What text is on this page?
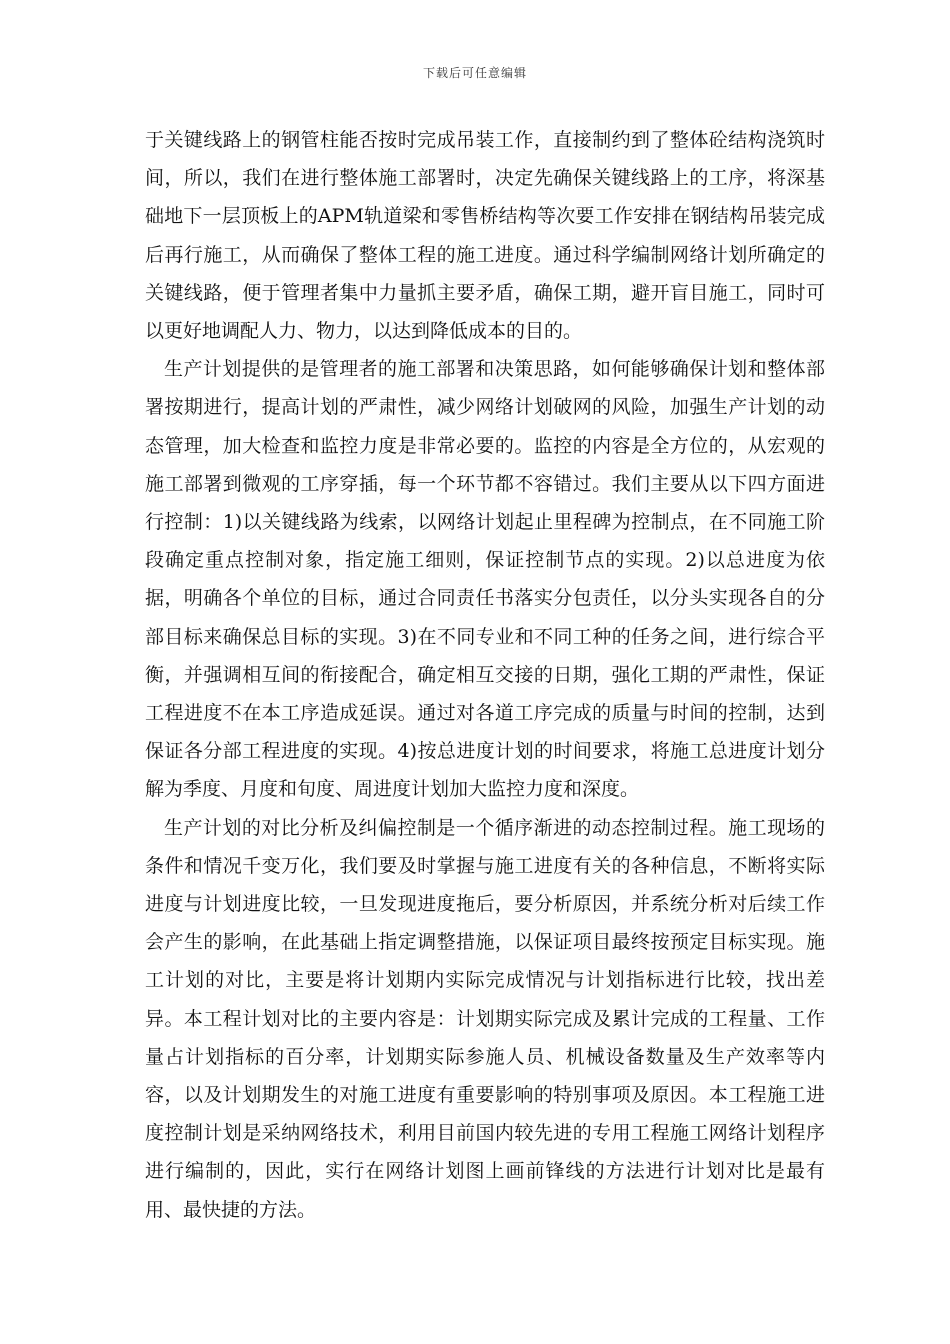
下载后可任意编辑

于关键线路上的钢管柱能否按时完成吊装工作，直接制约到了整体砼结构浇筑时间，所以，我们在进行整体施工部署时，决定先确保关键线路上的工序，将深基础地下一层顶板上的APM轨道梁和零售桥结构等次要工作安排在钢结构吊装完成后再行施工，从而确保了整体工程的施工进度。通过科学编制网络计划所确定的关键线路，便于管理者集中力量抓主要矛盾，确保工期，避开盲目施工，同时可以更好地调配人力、物力，以达到降低成本的目的。

生产计划提供的是管理者的施工部署和决策思路，如何能够确保计划和整体部署按期进行，提高计划的严肃性，减少网络计划破网的风险，加强生产计划的动态管理，加大检查和监控力度是非常必要的。监控的内容是全方位的，从宏观的施工部署到微观的工序穿插，每一个环节都不容错过。我们主要从以下四方面进行控制：1)以关键线路为线索，以网络计划起止里程碑为控制点，在不同施工阶段确定重点控制对象，指定施工细则，保证控制节点的实现。2)以总进度为依据，明确各个单位的目标，通过合同责任书落实分包责任，以分头实现各自的分部目标来确保总目标的实现。3)在不同专业和不同工种的任务之间，进行综合平衡，并强调相互间的衔接配合，确定相互交接的日期，强化工期的严肃性，保证工程进度不在本工序造成延误。通过对各道工序完成的质量与时间的控制，达到保证各分部工程进度的实现。4)按总进度计划的时间要求，将施工总进度计划分解为季度、月度和旬度、周进度计划加大监控力度和深度。

生产计划的对比分析及纠偏控制是一个循序渐进的动态控制过程。施工现场的条件和情况千变万化，我们要及时掌握与施工进度有关的各种信息，不断将实际进度与计划进度比较，一旦发现进度拖后，要分析原因，并系统分析对后续工作会产生的影响，在此基础上指定调整措施，以保证项目最终按预定目标实现。施工计划的对比，主要是将计划期内实际完成情况与计划指标进行比较，找出差异。本工程计划对比的主要内容是：计划期实际完成及累计完成的工程量、工作量占计划指标的百分率，计划期实际参施人员、机械设备数量及生产效率等内容，以及计划期发生的对施工进度有重要影响的特别事项及原因。本工程施工进度控制计划是采纳网络技术，利用目前国内较先进的专用工程施工网络计划程序进行编制的，因此，实行在网络计划图上画前锋线的方法进行计划对比是最有用、最快捷的方法。
